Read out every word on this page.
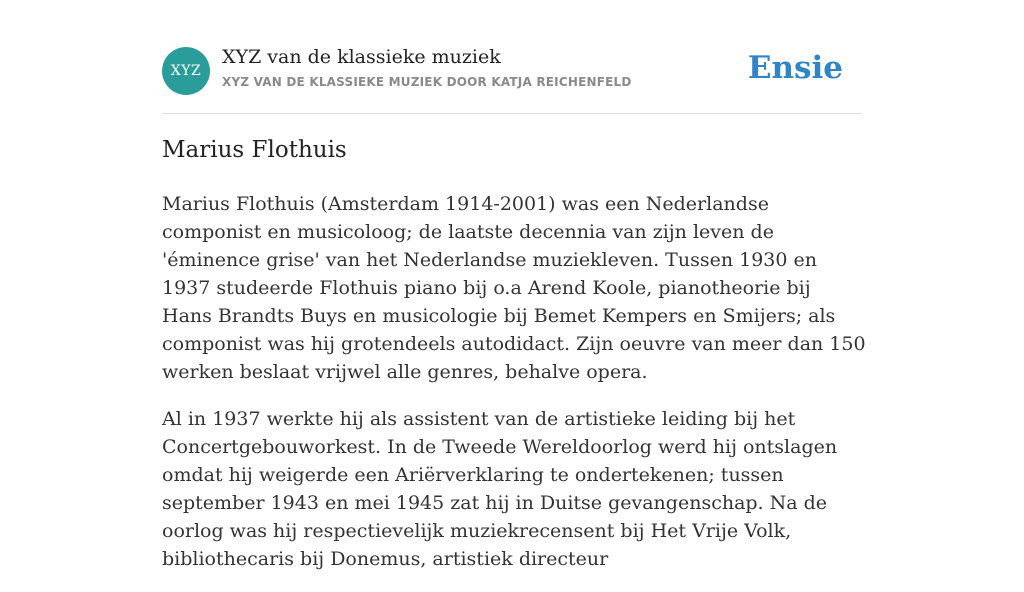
XYZ
XYZ van de klassieke muziek
XYZ VAN DE KLASSIEKE MUZIEK DOOR KATJA REICHENFELD	Ensie
Marius Flothuis

Marius Flothuis (Amsterdam 1914-2001) was een Nederlandse componist en musicoloog; de laatste decennia van zijn leven de 'éminence grise' van het Nederlandse muziekleven. Tussen 1930 en 1937 studeerde Flothuis piano bij o.a Arend Koole, pianotheorie bij Hans Brandts Buys en musicologie bij Bemet Kempers en Smijers; als componist was hij grotendeels autodidact. Zijn oeuvre van meer dan 150 werken beslaat vrijwel alle genres, behalve opera.

Al in 1937 werkte hij als assistent van de artistieke leiding bij het Concertgebouworkest. In de Tweede Wereldoorlog werd hij ontslagen omdat hij weigerde een Ariërverklaring te ondertekenen; tussen september 1943 en mei 1945 zat hij in Duitse gevangenschap. Na de oorlog was hij respectievelijk muziekrecensent bij Het Vrije Volk, bibliothecaris bij Donemus, artistiek directeur
